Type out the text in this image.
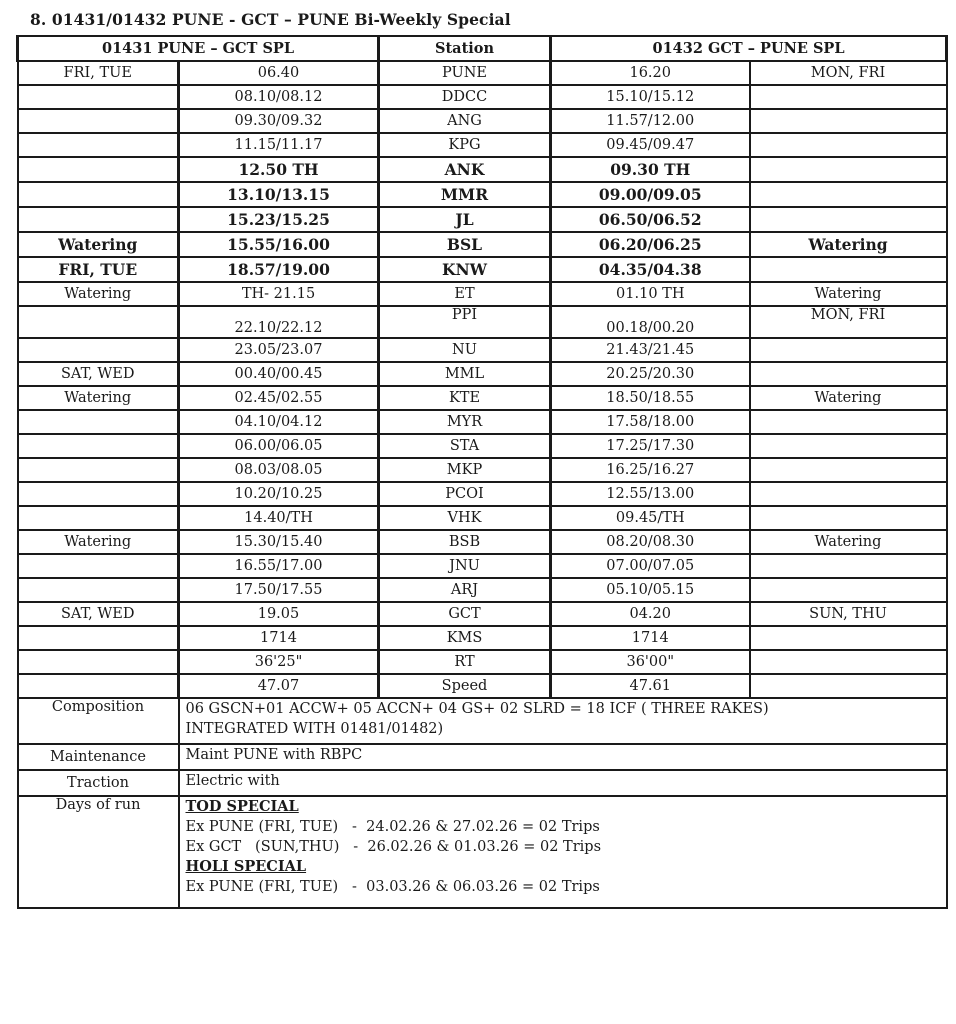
8. 01431/01432 PUNE - GCT – PUNE Bi-Weekly Special
01431 PUNE – GCT SPL		Station	01432 GCT – PUNE SPL	
FRI, TUE	06.40	PUNE	16.20	MON, FRI
	08.10/08.12	DDCC	15.10/15.12	
	09.30/09.32	ANG	11.57/12.00	
	11.15/11.17	KPG	09.45/09.47	
	12.50 TH	ANK	09.30 TH	
	13.10/13.15	MMR	09.00/09.05	
	15.23/15.25	JL	06.50/06.52	
Watering	15.55/16.00	BSL	06.20/06.25	Watering
FRI, TUE	18.57/19.00	KNW	04.35/04.38	
Watering	TH- 21.15	ET	01.10 TH	Watering
	22.10/22.12	PPI	00.18/00.20	MON, FRI
	23.05/23.07	NU	21.43/21.45	
SAT, WED	00.40/00.45	MML	20.25/20.30	
Watering	02.45/02.55	KTE	18.50/18.55	Watering
	04.10/04.12	MYR	17.58/18.00	
	06.00/06.05	STA	17.25/17.30	
	08.03/08.05	MKP	16.25/16.27	
	10.20/10.25	PCOI	12.55/13.00	
	14.40/TH	VHK	09.45/TH	
Watering	15.30/15.40	BSB	08.20/08.30	Watering
	16.55/17.00	JNU	07.00/07.05	
	17.50/17.55	ARJ	05.10/05.15	
SAT, WED	19.05	GCT	04.20	SUN, THU
	1714	KMS	1714	
	36'25"	RT	36'00"	
	47.07	Speed	47.61	
Composition	06 GSCN+01 ACCW+ 05 ACCN+ 04 GS+ 02 SLRD = 18 ICF ( THREE RAKES)
INTEGRATED WITH 01481/01482)			

Maintenance	Maint PUNE with RBPC			
Traction	Electric with			
Days of run	TOD SPECIAL
Ex PUNE (FRI, TUE)   -  24.02.26 & 27.02.26 = 02 Trips
Ex GCT   (SUN,THU)   -  26.02.26 & 01.03.26 = 02 Trips
HOLI SPECIAL
Ex PUNE (FRI, TUE)   -  03.03.26 & 06.03.26 = 02 Trips			
